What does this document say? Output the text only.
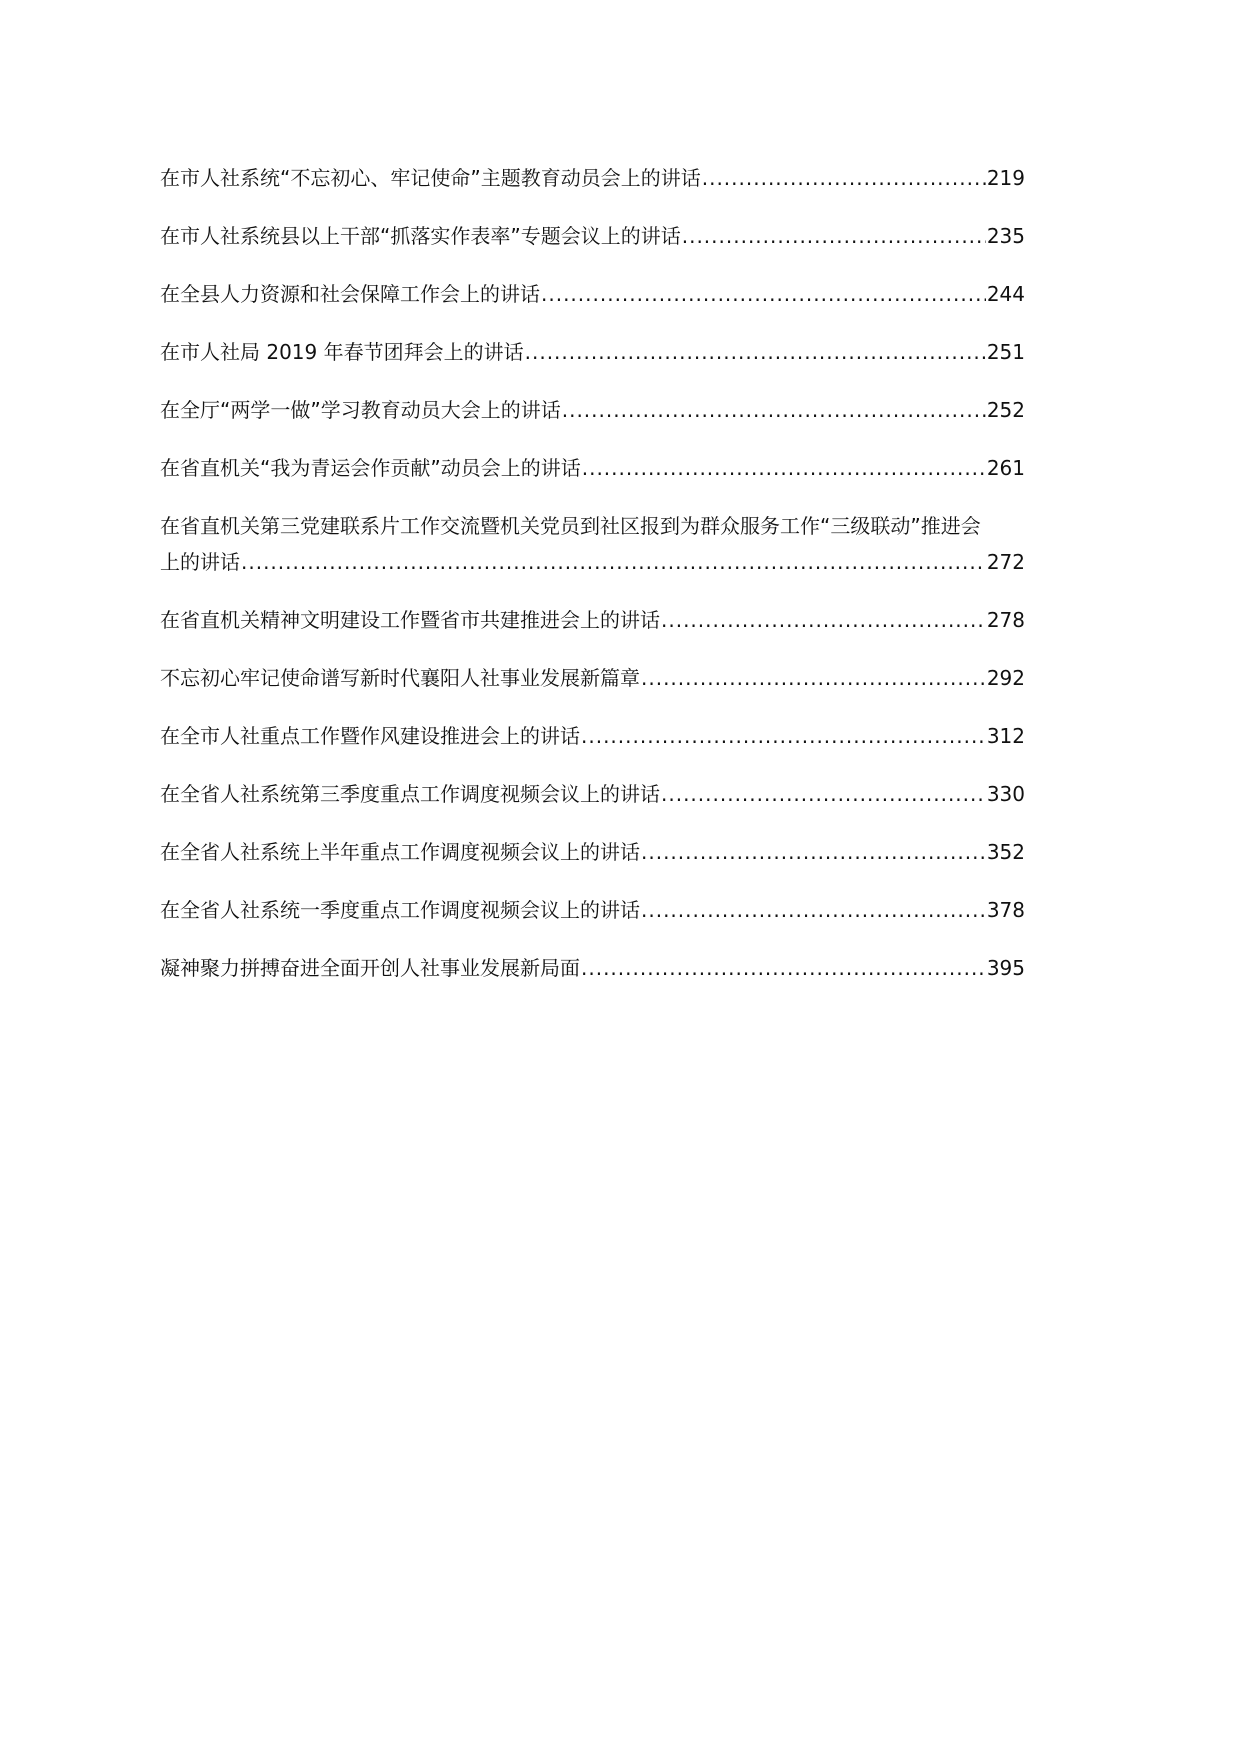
在市人社系统“不忘初心、牢记使命”主题教育动员会上的讲话 .....	219
在市人社系统县以上干部“抓落实作表率”专题会议上的讲话 .....	235
在全县人力资源和社会保障工作会上的讲话 .....	244
在市人社局 2019 年春节团拜会上的讲话 .....	251
在全厅“两学一做”学习教育动员大会上的讲话 .....	252
在省直机关“我为青运会作贡献”动员会上的讲话 .....	261
在省直机关第三党建联系片工作交流暨机关党员到社区报到为群众服务工作“三级联动”推进会
上的讲话 .....	272
在省直机关精神文明建设工作暨省市共建推进会上的讲话 .....	278
不忘初心牢记使命谱写新时代襄阳人社事业发展新篇章 .....	292
在全市人社重点工作暨作风建设推进会上的讲话 .....	312
在全省人社系统第三季度重点工作调度视频会议上的讲话 .....	330
在全省人社系统上半年重点工作调度视频会议上的讲话 .....	352
在全省人社系统一季度重点工作调度视频会议上的讲话 .....	378
凝神聚力拼搏奋进全面开创人社事业发展新局面 .....	395
